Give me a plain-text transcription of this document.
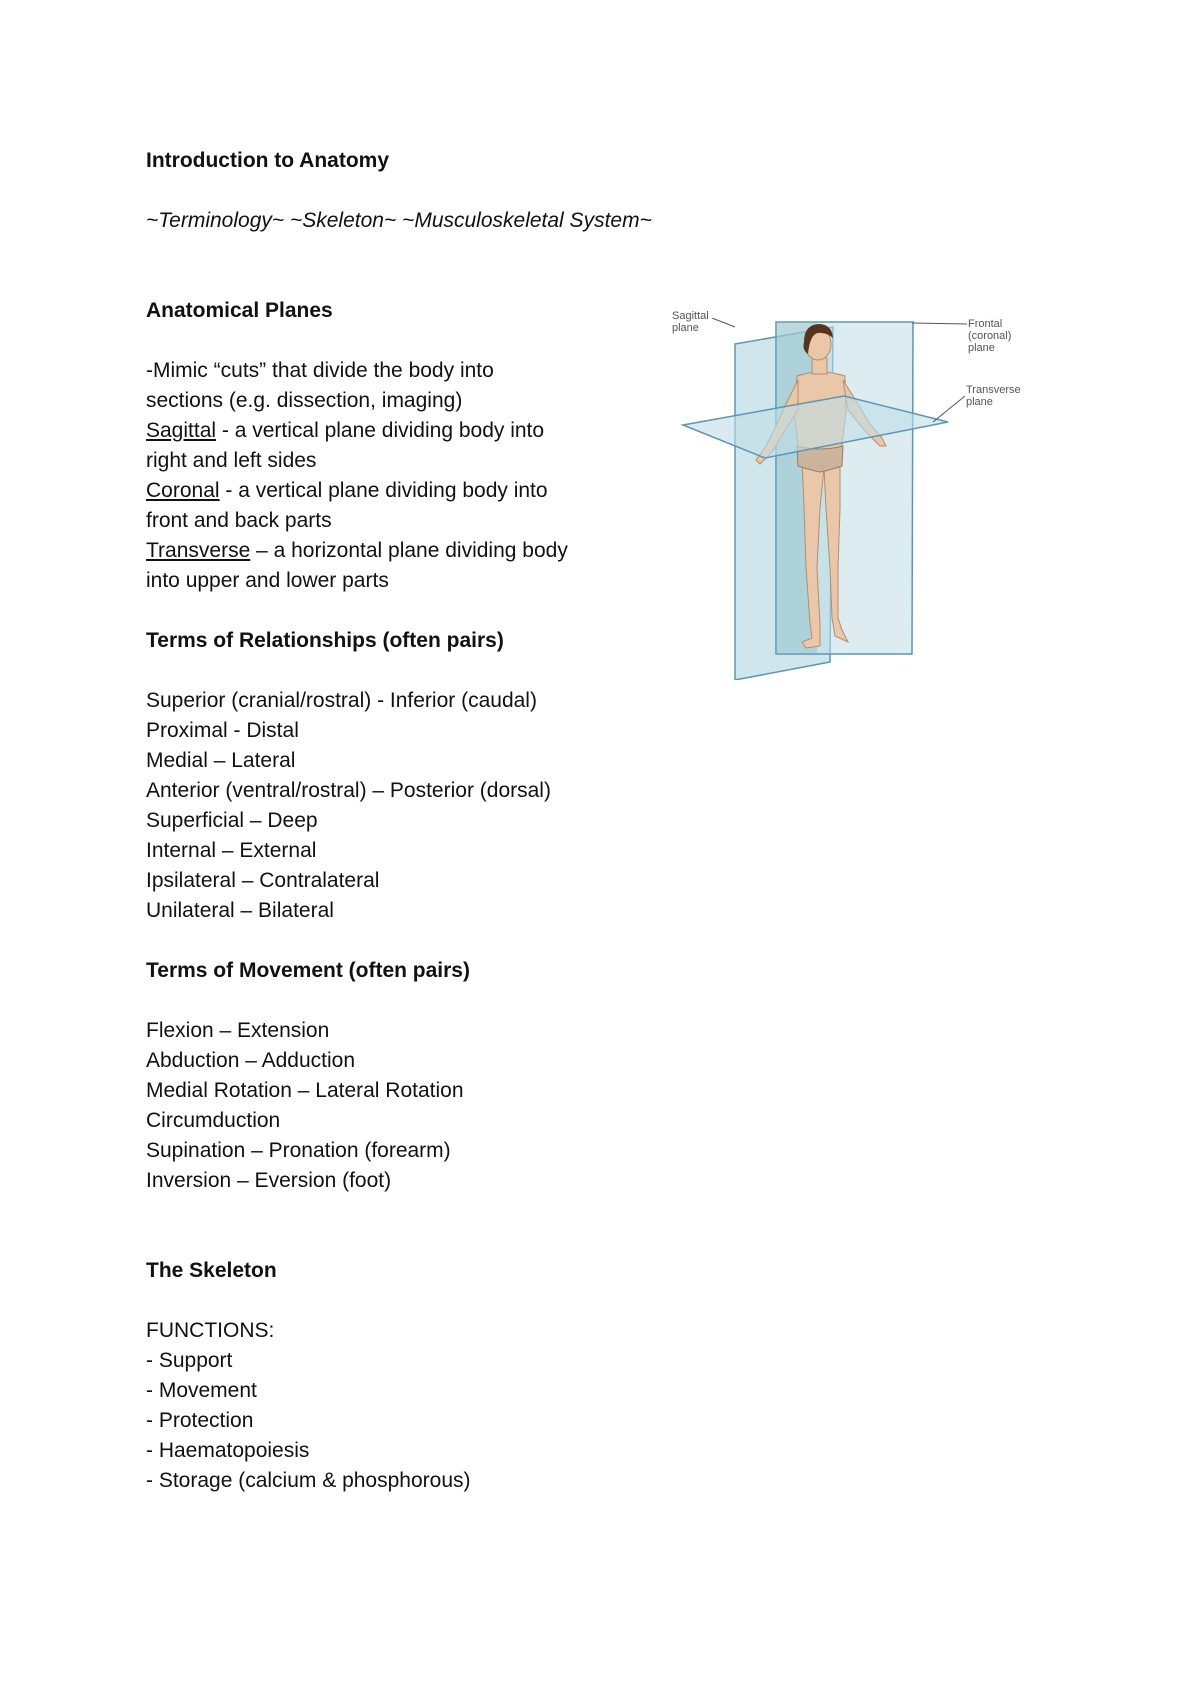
Introduction to Anatomy
~Terminology~ ~Skeleton~ ~Musculoskeletal System~
Anatomical Planes
-Mimic “cuts” that divide the body into
sections (e.g. dissection, imaging)
Sagittal - a vertical plane dividing body into
right and left sides
Coronal - a vertical plane dividing body into
front and back parts
Transverse – a horizontal plane dividing body
into upper and lower parts
Terms of Relationships (often pairs)
Superior (cranial/rostral) - Inferior (caudal)
Proximal - Distal
Medial – Lateral
Anterior (ventral/rostral) – Posterior (dorsal)
Superficial – Deep
Internal – External
Ipsilateral – Contralateral
Unilateral – Bilateral
Terms of Movement (often pairs)
Flexion – Extension
Abduction – Adduction
Medial Rotation – Lateral Rotation
Circumduction
Supination – Pronation (forearm)
Inversion – Eversion (foot)
The Skeleton
FUNCTIONS:
- Support
- Movement
- Protection
- Haematopoiesis
- Storage (calcium & phosphorous)
Sagittal
plane	Frontal
(coronal)
plane
Transverse
plane
